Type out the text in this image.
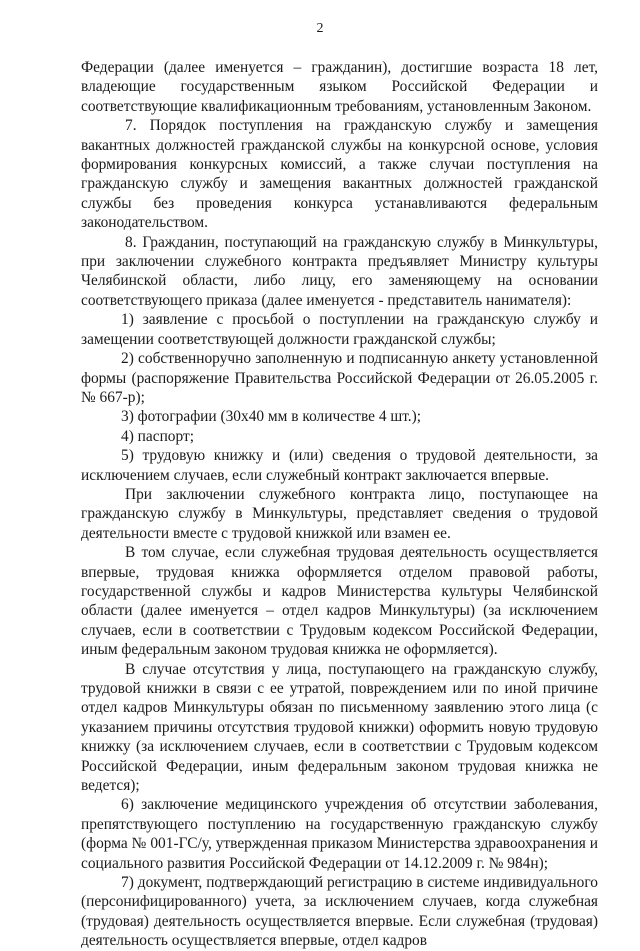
2

Федерации (далее именуется – гражданин), достигшие возраста 18 лет, владеющие государственным языком Российской Федерации и соответствующие квалификационным требованиям, установленным Законом.

7. Порядок поступления на гражданскую службу и замещения вакантных должностей гражданской службы на конкурсной основе, условия формирования конкурсных комиссий, а также случаи поступления на гражданскую службу и замещения вакантных должностей гражданской службы без проведения конкурса устанавливаются федеральным законодательством.

8. Гражданин, поступающий на гражданскую службу в Минкультуры, при заключении служебного контракта предъявляет Министру культуры Челябинской области, либо лицу, его заменяющему на основании соответствующего приказа (далее именуется - представитель нанимателя):

1) заявление с просьбой о поступлении на гражданскую службу и замещении соответствующей должности гражданской службы;

2) собственноручно заполненную и подписанную анкету установленной формы (распоряжение Правительства Российской Федерации от 26.05.2005 г. № 667-р);

3) фотографии (30х40 мм в количестве 4 шт.);

4) паспорт;

5) трудовую книжку и (или) сведения о трудовой деятельности, за исключением случаев, если служебный контракт заключается впервые.

При заключении служебного контракта лицо, поступающее на гражданскую службу в Минкультуры, представляет сведения о трудовой деятельности вместе с трудовой книжкой или взамен ее.

В том случае, если служебная трудовая деятельность осуществляется впервые, трудовая книжка оформляется отделом правовой работы, государственной службы и кадров Министерства культуры Челябинской области (далее именуется – отдел кадров Минкультуры) (за исключением случаев, если в соответствии с Трудовым кодексом Российской Федерации, иным федеральным законом трудовая книжка не оформляется).

В случае отсутствия у лица, поступающего на гражданскую службу, трудовой книжки в связи с ее утратой, повреждением или по иной причине отдел кадров Минкультуры обязан по письменному заявлению этого лица (с указанием причины отсутствия трудовой книжки) оформить новую трудовую книжку (за исключением случаев, если в соответствии с Трудовым кодексом Российской Федерации, иным федеральным законом трудовая книжка не ведется);

6) заключение медицинского учреждения об отсутствии заболевания, препятствующего поступлению на государственную гражданскую службу (форма № 001-ГС/у, утвержденная приказом Министерства здравоохранения и социального развития Российской Федерации от 14.12.2009 г. № 984н);

7) документ, подтверждающий регистрацию в системе индивидуального (персонифицированного) учета, за исключением случаев, когда служебная (трудовая) деятельность осуществляется впервые. Если служебная (трудовая) деятельность осуществляется впервые, отдел кадров
